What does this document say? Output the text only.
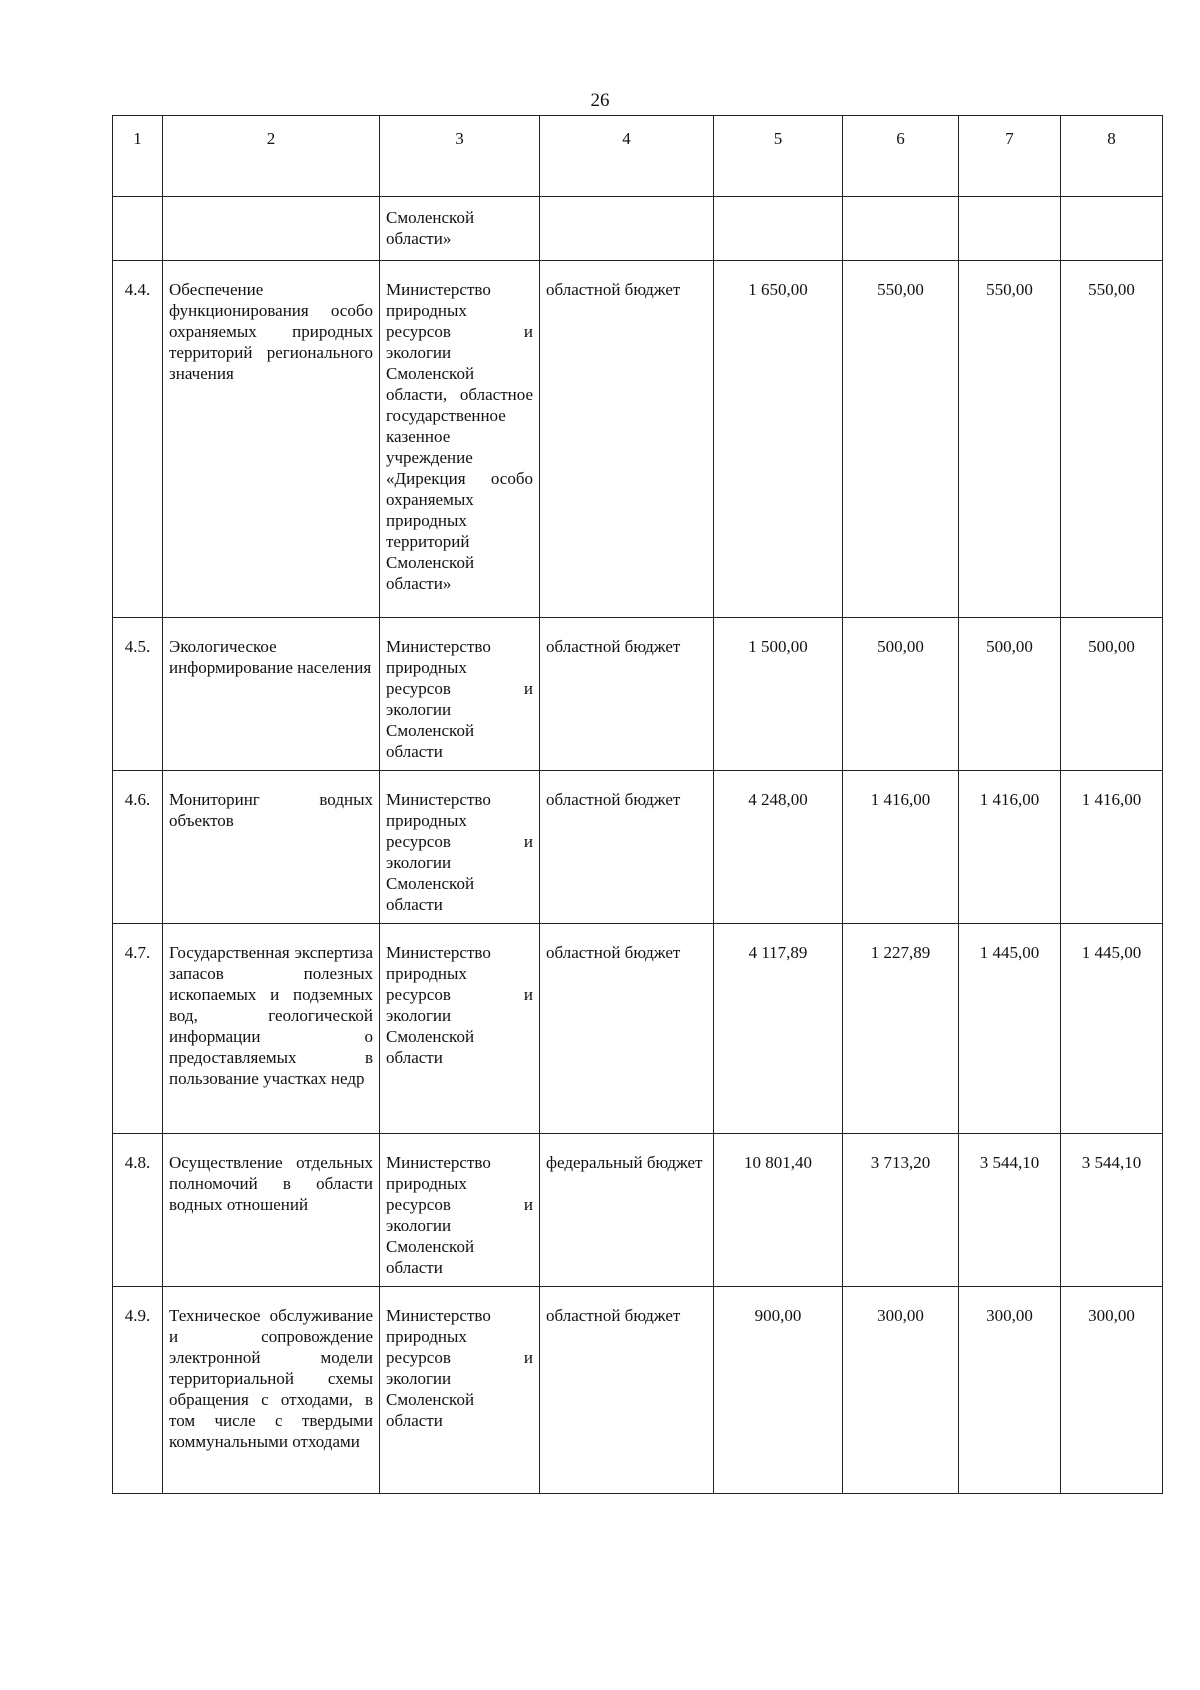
26
1	2	3	4	5	6	7	8

		Смоленской области»					

4.4.	Обеспечение функционирования особо охраняемых природных территорий регионального значения	Министерство природных ресурсов и экологии Смоленской области, областное государственное казенное учреждение «Дирекция особо охраняемых природных территорий Смоленской области»	областной бюджет	1 650,00	550,00	550,00	550,00
4.5.	Экологическое информирование населения	Министерство природных ресурсов и экологии Смоленской области	областной бюджет	1 500,00	500,00	500,00	500,00
4.6.	Мониторинг водных объектов	Министерство природных ресурсов и экологии Смоленской области	областной бюджет	4 248,00	1 416,00	1 416,00	1 416,00
4.7.	Государственная экспертиза запасов полезных ископаемых и подземных вод, геологической информации о предоставляемых в пользование участках недр	Министерство природных ресурсов и экологии Смоленской области	областной бюджет	4 117,89	1 227,89	1 445,00	1 445,00
4.8.	Осуществление отдельных полномочий в области водных отношений	Министерство природных ресурсов и экологии Смоленской области	федеральный бюджет	10 801,40	3 713,20	3 544,10	3 544,10
4.9.	Техническое обслуживание и сопровождение электронной модели территориальной схемы обращения с отходами, в том числе с твердыми коммунальными отходами	Министерство природных ресурсов и экологии Смоленской области	областной бюджет	900,00	300,00	300,00	300,00
